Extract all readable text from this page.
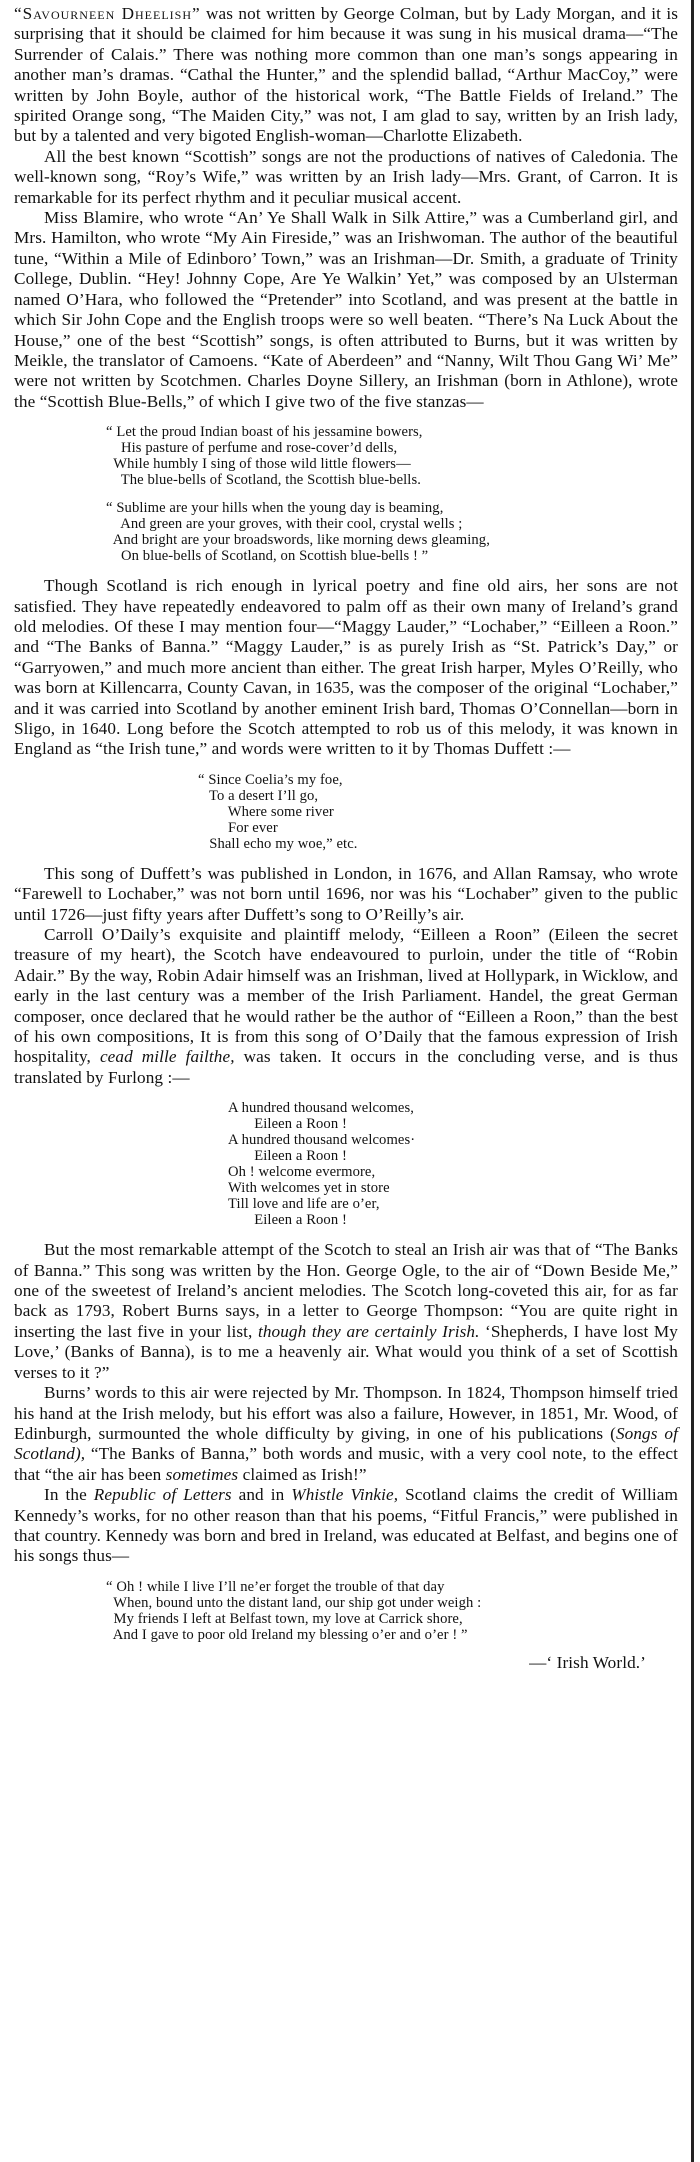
“Savourneen Dheelish” was not written by George Colman, but by Lady Morgan, and it is surprising that it should be claimed for him because it was sung in his musical drama—“The Surrender of Calais.” There was nothing more common than one man’s songs appearing in another man’s dramas. “Cathal the Hunter,” and the splendid ballad, “Arthur MacCoy,” were written by John Boyle, author of the historical work, “The Battle Fields of Ireland.” The spirited Orange song, “The Maiden City,” was not, I am glad to say, written by an Irish lady, but by a talented and very bigoted English-woman—Charlotte Elizabeth.

All the best known “Scottish” songs are not the productions of natives of Caledonia. The well-known song, “Roy’s Wife,” was written by an Irish lady—Mrs. Grant, of Carron. It is remarkable for its perfect rhythm and it peculiar musical accent.

Miss Blamire, who wrote “An’ Ye Shall Walk in Silk Attire,” was a Cumberland girl, and Mrs. Hamilton, who wrote “My Ain Fireside,” was an Irishwoman. The author of the beautiful tune, “Within a Mile of Edinboro’ Town,” was an Irishman—Dr. Smith, a graduate of Trinity College, Dublin. “Hey! Johnny Cope, Are Ye Walkin’ Yet,” was composed by an Ulsterman named O’Hara, who followed the “Pretender” into Scotland, and was present at the battle in which Sir John Cope and the English troops were so well beaten. “There’s Na Luck About the House,” one of the best “Scottish” songs, is often attributed to Burns, but it was written by Meikle, the translator of Camoens. “Kate of Aberdeen” and “Nanny, Wilt Thou Gang Wi’ Me” were not written by Scotchmen. Charles Doyne Sillery, an Irishman (born in Athlone), wrote the “Scottish Blue-Bells,” of which I give two of the five stanzas—

“ Let the proud Indian boast of his jessamine bowers,
His pasture of perfume and rose-cover’d dells,
While humbly I sing of those wild little flowers—
The blue-bells of Scotland, the Scottish blue-bells.
“ Sublime are your hills when the young day is beaming,
And green are your groves, with their cool, crystal wells ;
And bright are your broadswords, like morning dews gleaming,
On blue-bells of Scotland, on Scottish blue-bells ! ”

Though Scotland is rich enough in lyrical poetry and fine old airs, her sons are not satisfied. They have repeatedly endeavored to palm off as their own many of Ireland’s grand old melodies. Of these I may mention four—“Maggy Lauder,” “Lochaber,” “Eilleen a Roon.” and “The Banks of Banna.” “Maggy Lauder,” is as purely Irish as “St. Patrick’s Day,” or “Garryowen,” and much more ancient than either. The great Irish harper, Myles O’Reilly, who was born at Killencarra, County Cavan, in 1635, was the composer of the original “Lochaber,” and it was carried into Scotland by another eminent Irish bard, Thomas O’Connellan—born in Sligo, in 1640. Long before the Scotch attempted to rob us of this melody, it was known in England as “the Irish tune,” and words were written to it by Thomas Duffett :—

“ Since Coelia’s my foe,
To a desert I’ll go,
Where some river
For ever
Shall echo my woe,” etc.

This song of Duffett’s was published in London, in 1676, and Allan Ramsay, who wrote “Farewell to Lochaber,” was not born until 1696, nor was his “Lochaber” given to the public until 1726—just fifty years after Duffett’s song to O’Reilly’s air.

Carroll O’Daily’s exquisite and plaintiff melody, “Eilleen a Roon” (Eileen the secret treasure of my heart), the Scotch have endeavoured to purloin, under the title of “Robin Adair.” By the way, Robin Adair himself was an Irishman, lived at Hollypark, in Wicklow, and early in the last century was a member of the Irish Parliament. Handel, the great German composer, once declared that he would rather be the author of “Eilleen a Roon,” than the best of his own compositions, It is from this song of O’Daily that the famous expression of Irish hospitality, cead mille failthe, was taken. It occurs in the concluding verse, and is thus translated by Furlong :—

A hundred thousand welcomes,
Eileen a Roon !
A hundred thousand welcomes·
Eileen a Roon !
Oh ! welcome evermore,
With welcomes yet in store
Till love and life are o’er,
Eileen a Roon !

But the most remarkable attempt of the Scotch to steal an Irish air was that of “The Banks of Banna.” This song was written by the Hon. George Ogle, to the air of “Down Beside Me,” one of the sweetest of Ireland’s ancient melodies. The Scotch long-coveted this air, for as far back as 1793, Robert Burns says, in a letter to George Thompson: “You are quite right in inserting the last five in your list, though they are certainly Irish. ‘Shepherds, I have lost My Love,’ (Banks of Banna), is to me a heavenly air. What would you think of a set of Scottish verses to it ?”

Burns’ words to this air were rejected by Mr. Thompson. In 1824, Thompson himself tried his hand at the Irish melody, but his effort was also a failure, However, in 1851, Mr. Wood, of Edinburgh, surmounted the whole difficulty by giving, in one of his publications (Songs of Scotland), “The Banks of Banna,” both words and music, with a very cool note, to the effect that “the air has been sometimes claimed as Irish!”

In the Republic of Letters and in Whistle Vinkie, Scotland claims the credit of William Kennedy’s works, for no other reason than that his poems, “Fitful Francis,” were published in that country. Kennedy was born and bred in Ireland, was educated at Belfast, and begins one of his songs thus—

“ Oh ! while I live I’ll ne’er forget the trouble of that day
When, bound unto the distant land, our ship got under weigh :
My friends I left at Belfast town, my love at Carrick shore,
And I gave to poor old Ireland my blessing o’er and o’er ! ”
—‘ Irish World.’
